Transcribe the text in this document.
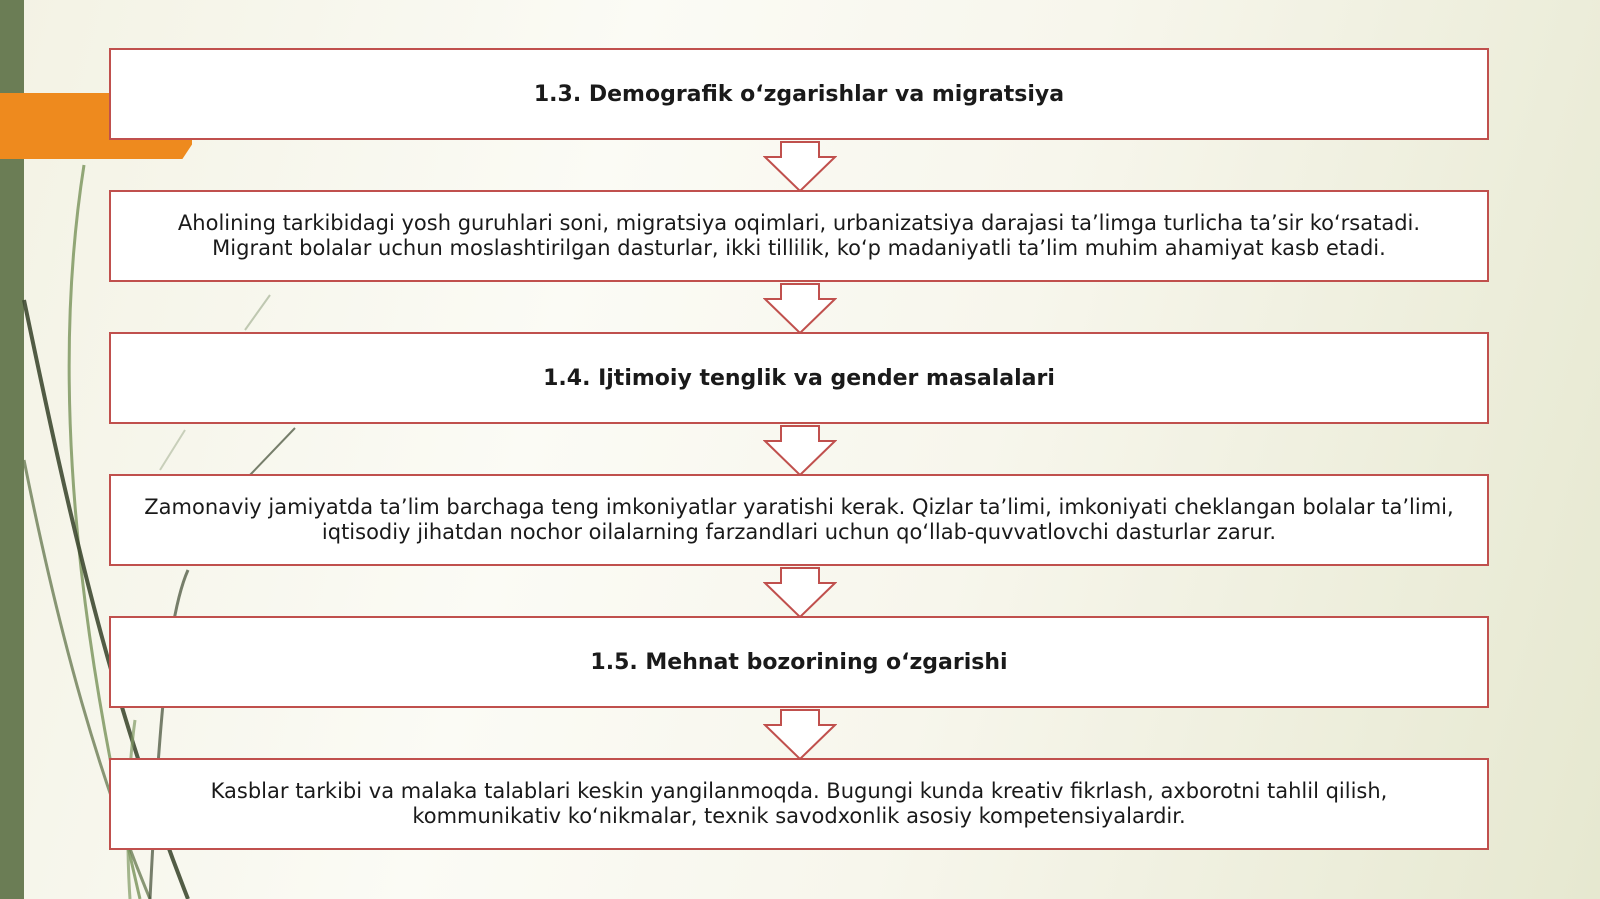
1.3. Demografik o‘zgarishlar va migratsiya
Aholining tarkibidagi yosh guruhlari soni, migratsiya oqimlari, urbanizatsiya darajasi ta’limga turlicha ta’sir ko‘rsatadi.
Migrant bolalar uchun moslashtirilgan dasturlar, ikki tillilik, ko‘p madaniyatli ta’lim muhim ahamiyat kasb etadi.
1.4. Ijtimoiy tenglik va gender masalalari
Zamonaviy jamiyatda ta’lim barchaga teng imkoniyatlar yaratishi kerak. Qizlar ta’limi, imkoniyati cheklangan bolalar ta’limi,
iqtisodiy jihatdan nochor oilalarning farzandlari uchun qo‘llab-quvvatlovchi dasturlar zarur.
1.5. Mehnat bozorining o‘zgarishi
Kasblar tarkibi va malaka talablari keskin yangilanmoqda. Bugungi kunda kreativ fikrlash, axborotni tahlil qilish,
kommunikativ ko‘nikmalar, texnik savodxonlik asosiy kompetensiyalardir.
